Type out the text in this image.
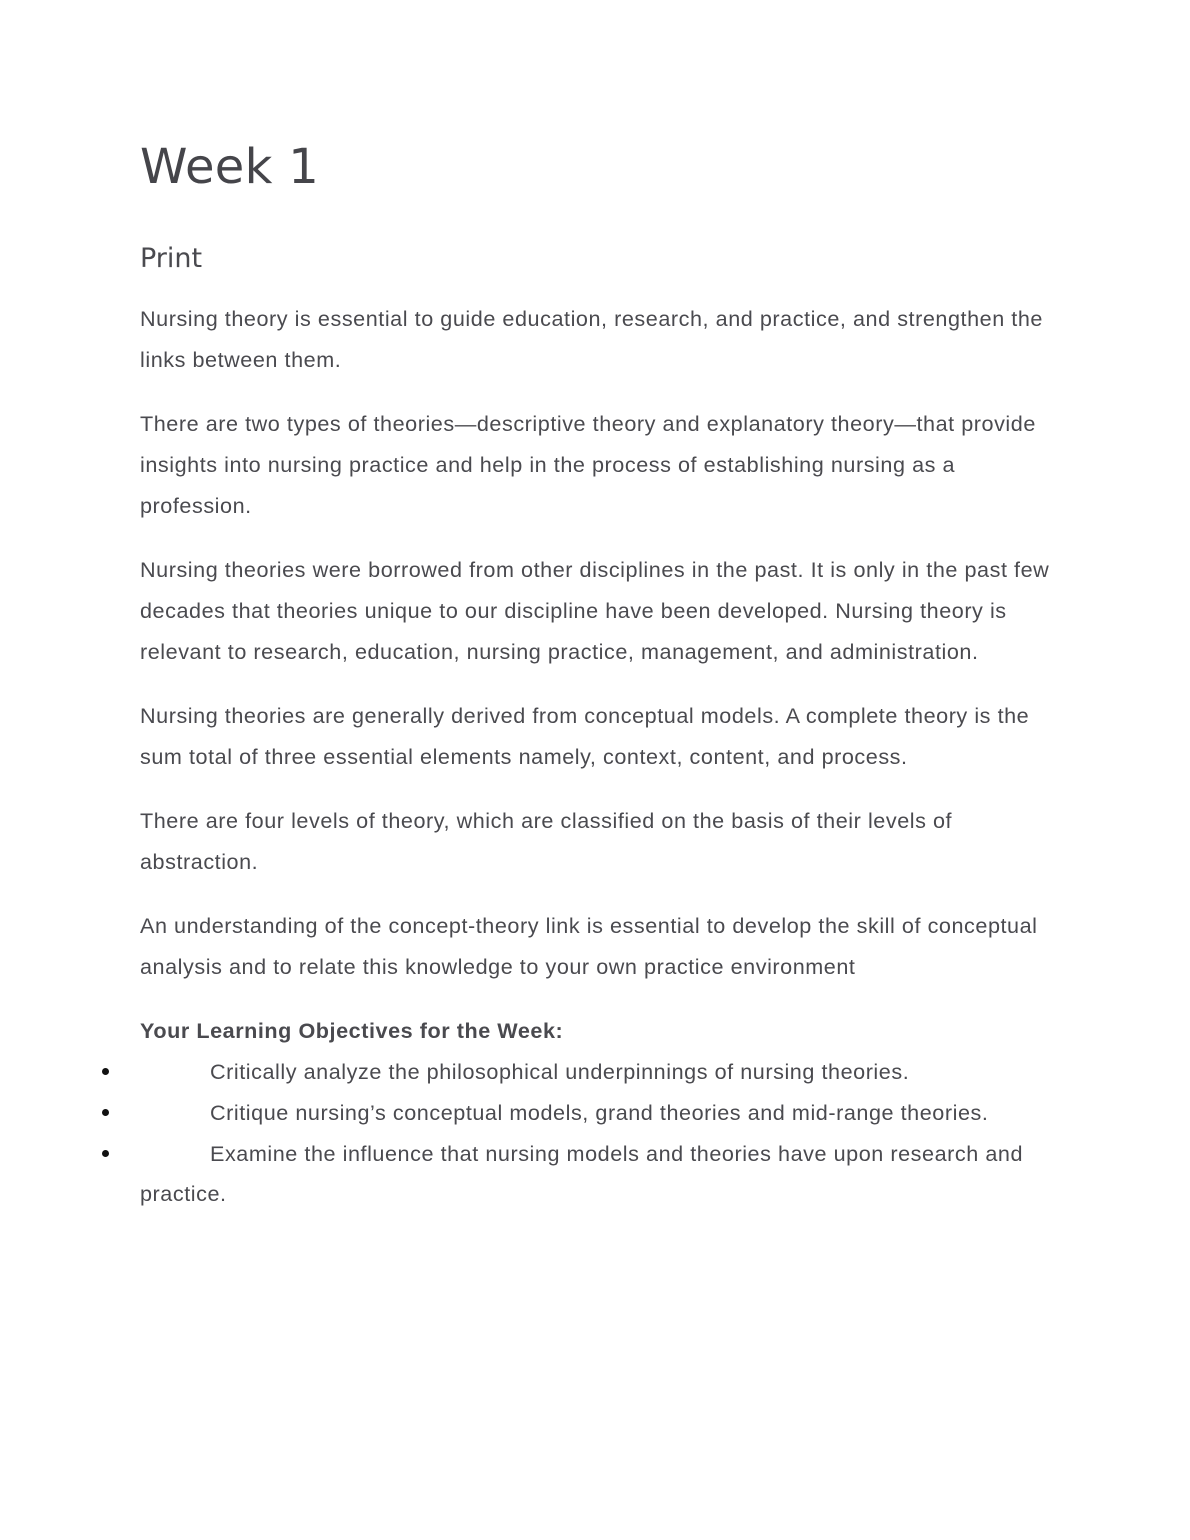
Week 1
Print

Nursing theory is essential to guide education, research, and practice, and strengthen the links between them.

There are two types of theories—descriptive theory and explanatory theory—that provide insights into nursing practice and help in the process of establishing nursing as a profession.

Nursing theories were borrowed from other disciplines in the past. It is only in the past few decades that theories unique to our discipline have been developed. Nursing theory is relevant to research, education, nursing practice, management, and administration.

Nursing theories are generally derived from conceptual models. A complete theory is the sum total of three essential elements namely, context, content, and process.

There are four levels of theory, which are classified on the basis of their levels of abstraction.

An understanding of the concept-theory link is essential to develop the skill of conceptual analysis and to relate this knowledge to your own practice environment

Your Learning Objectives for the Week:

Critically analyze the philosophical underpinnings of nursing theories.
Critique nursing’s conceptual models, grand theories and mid-range theories.
Examine the influence that nursing models and theories have upon research and practice.
